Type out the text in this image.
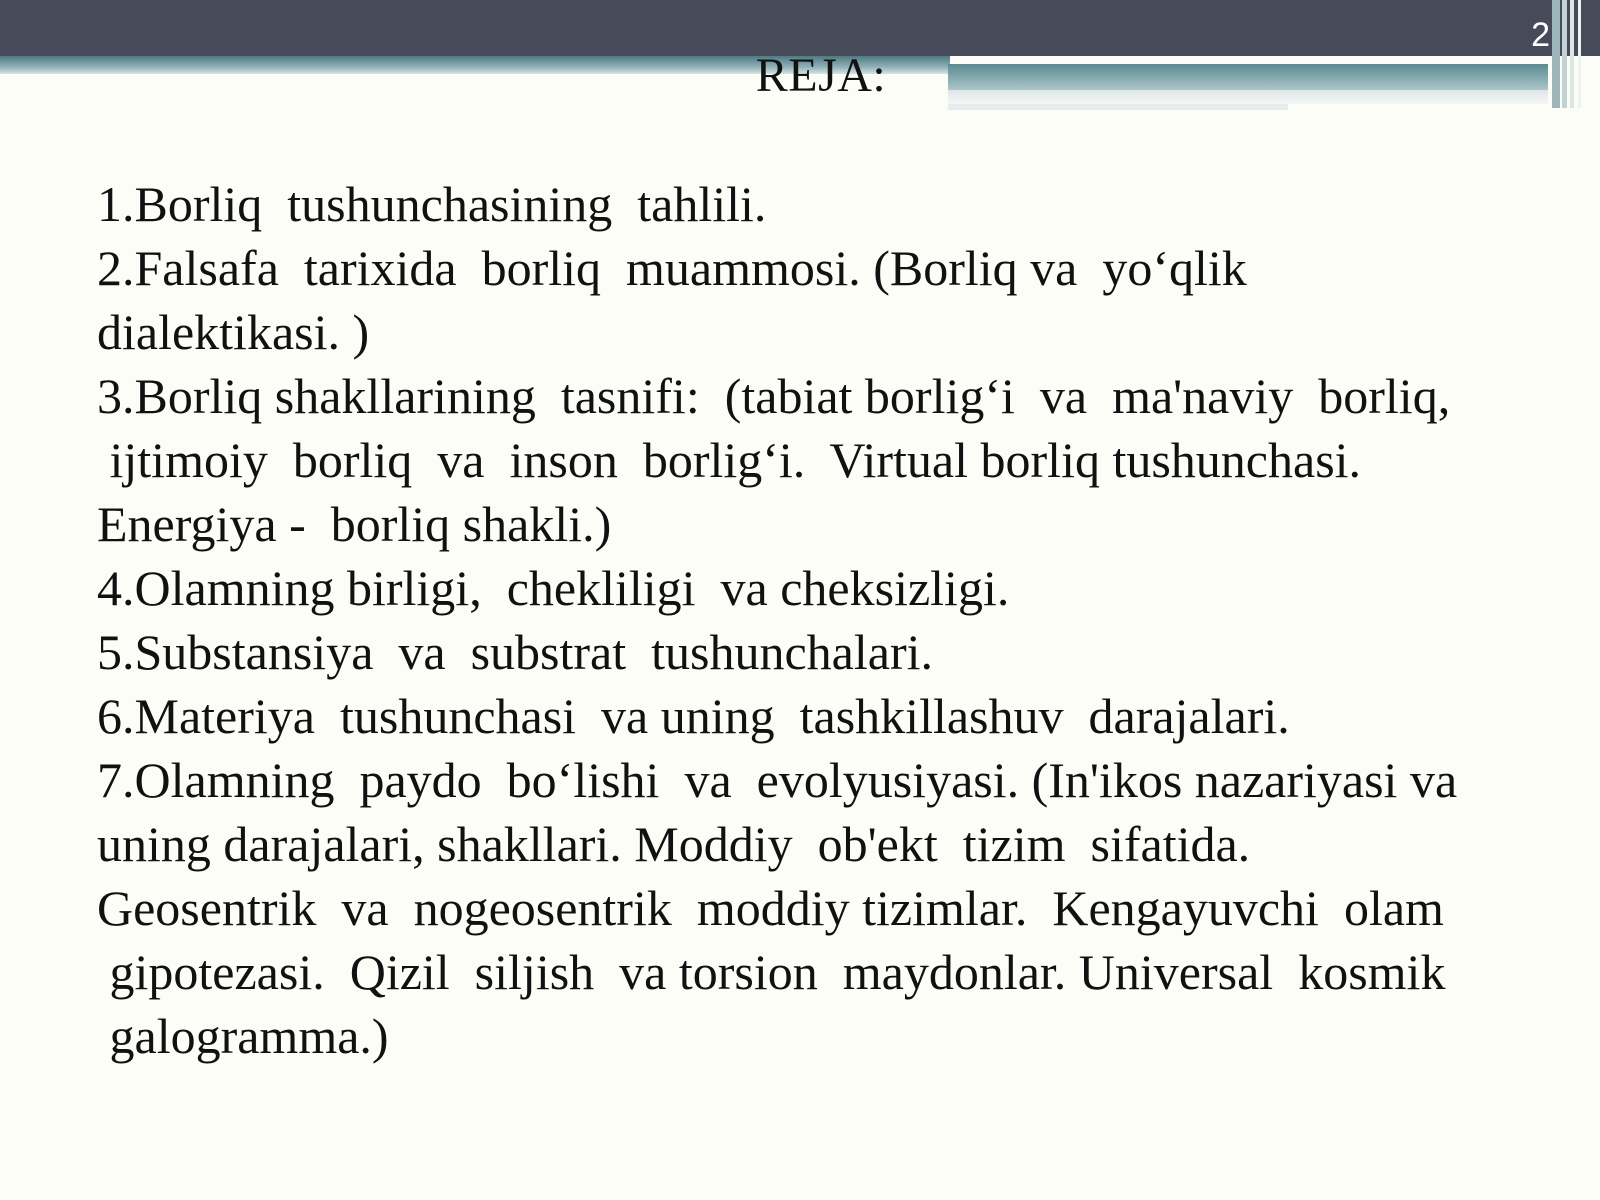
2
REJA:
1.Borliq  tushunchasining  tahlili.
2.Falsafa  tarixida  borliq  muammosi. (Borliq va  yo‘qlik
dialektikasi. )
3.Borliq shakllarining  tasnifi:  (tabiat borlig‘i  va  ma'naviy  borliq,
ijtimoiy  borliq  va  inson  borlig‘i.  Virtual borliq tushunchasi.
Energiya -  borliq shakli.)
4.Olamning birligi,  chekliligi  va cheksizligi.
5.Substansiya  va  substrat  tushunchalari.
6.Materiya  tushunchasi  va uning  tashkillashuv  darajalari.
7.Olamning  paydo  bo‘lishi  va  evolyusiyasi. (In'ikos nazariyasi va
uning darajalari, shakllari. Moddiy  ob'ekt  tizim  sifatida.
Geosentrik  va  nogeosentrik  moddiy tizimlar.  Kengayuvchi  olam
gipotezasi.  Qizil  siljish  va torsion  maydonlar. Universal  kosmik
galogramma.)
